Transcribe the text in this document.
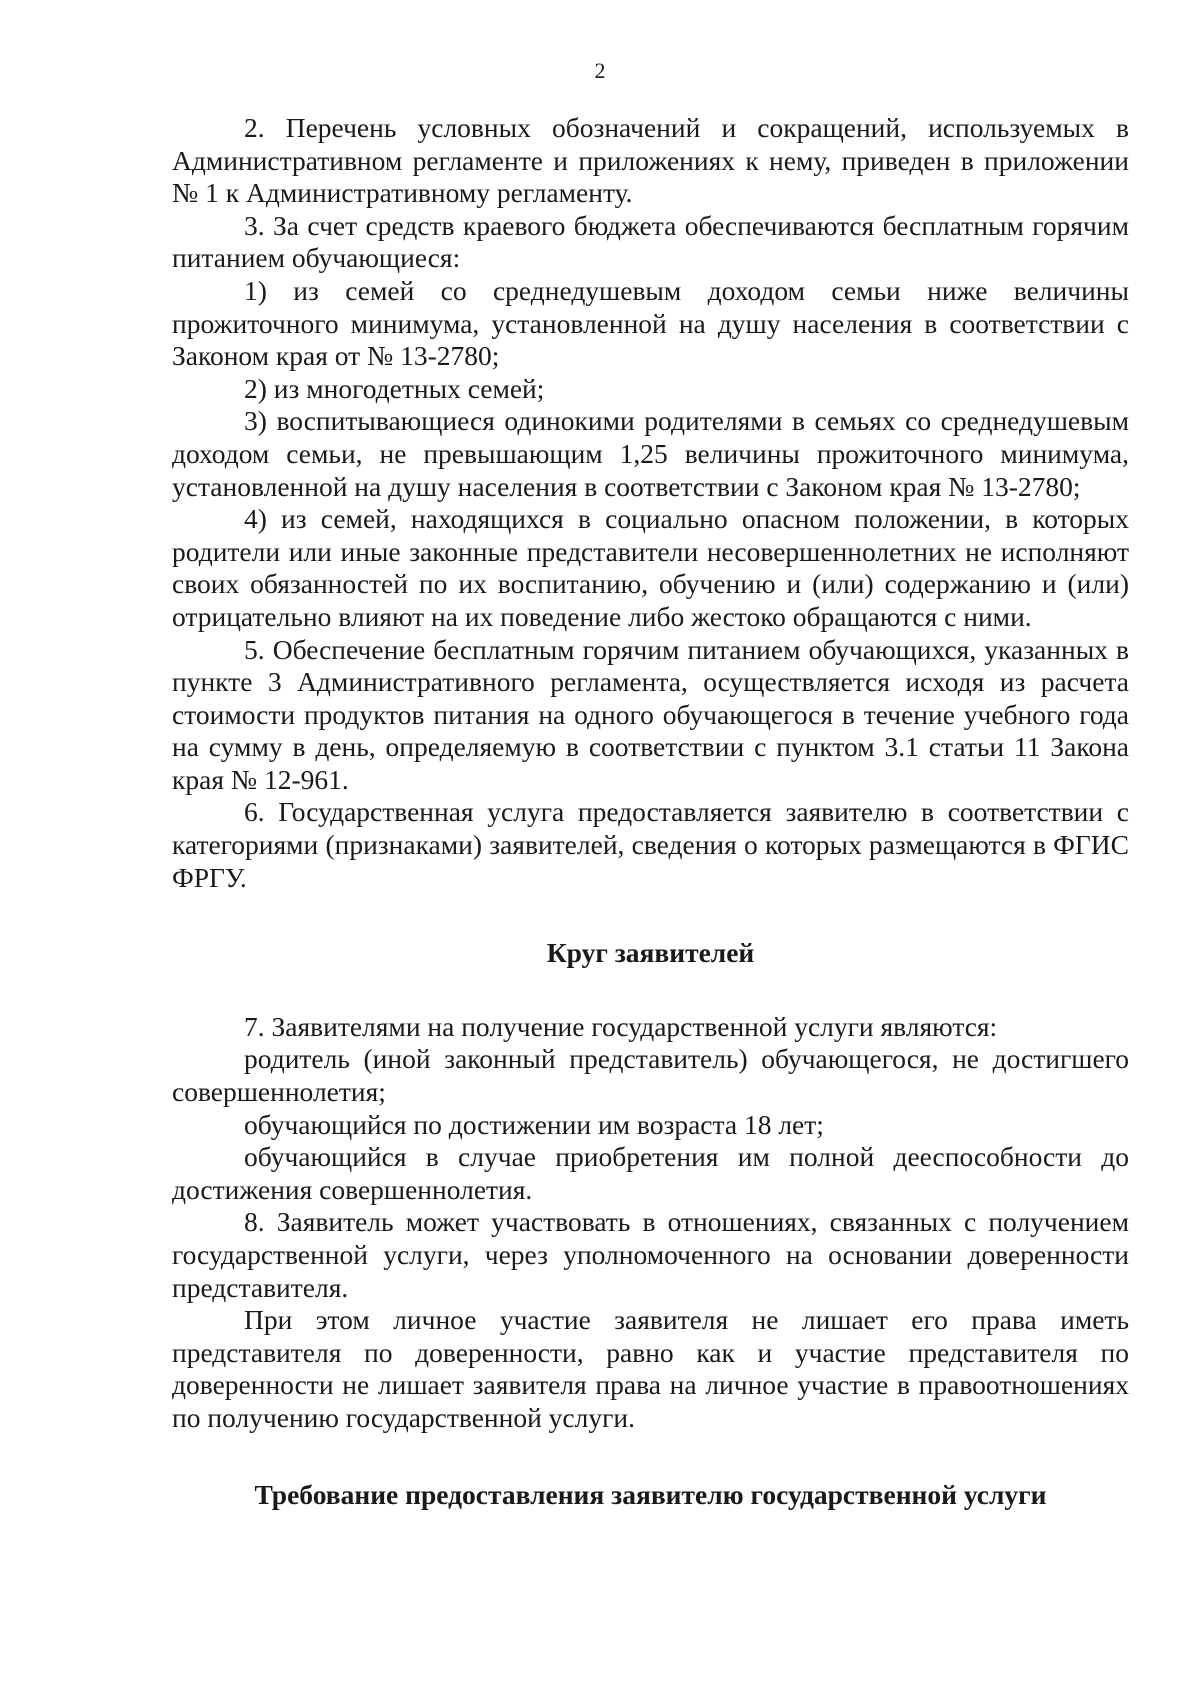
2

2. Перечень условных обозначений и сокращений, используемых в Административном регламенте и приложениях к нему, приведен в приложении № 1 к Административному регламенту.

3. За счет средств краевого бюджета обеспечиваются бесплатным горячим питанием обучающиеся:

1) из семей со среднедушевым доходом семьи ниже величины прожиточного минимума, установленной на душу населения в соответствии с Законом края от № 13-2780;

2) из многодетных семей;

3) воспитывающиеся одинокими родителями в семьях со среднедушевым доходом семьи, не превышающим 1,25 величины прожиточного минимума, установленной на душу населения в соответствии с Законом края № 13-2780;

4) из семей, находящихся в социально опасном положении, в которых родители или иные законные представители несовершеннолетних не исполняют своих обязанностей по их воспитанию, обучению и (или) содержанию и (или) отрицательно влияют на их поведение либо жестоко обращаются с ними.

5. Обеспечение бесплатным горячим питанием обучающихся, указанных в пункте 3 Административного регламента, осуществляется исходя из расчета стоимости продуктов питания на одного обучающегося в течение учебного года на сумму в день, определяемую в соответствии с пунктом 3.1 статьи 11 Закона края № 12-961.

6. Государственная услуга предоставляется заявителю в соответствии с категориями (признаками) заявителей, сведения о которых размещаются в ФГИС ФРГУ.

Круг заявителей

7. Заявителями на получение государственной услуги являются:

родитель (иной законный представитель) обучающегося, не достигшего совершеннолетия;

обучающийся по достижении им возраста 18 лет;

обучающийся в случае приобретения им полной дееспособности до достижения совершеннолетия.

8. Заявитель может участвовать в отношениях, связанных с получением государственной услуги, через уполномоченного на основании доверенности представителя.

При этом личное участие заявителя не лишает его права иметь представителя по доверенности, равно как и участие представителя по доверенности не лишает заявителя права на личное участие в правоотношениях по получению государственной услуги.

Требование предоставления заявителю государственной услуги
